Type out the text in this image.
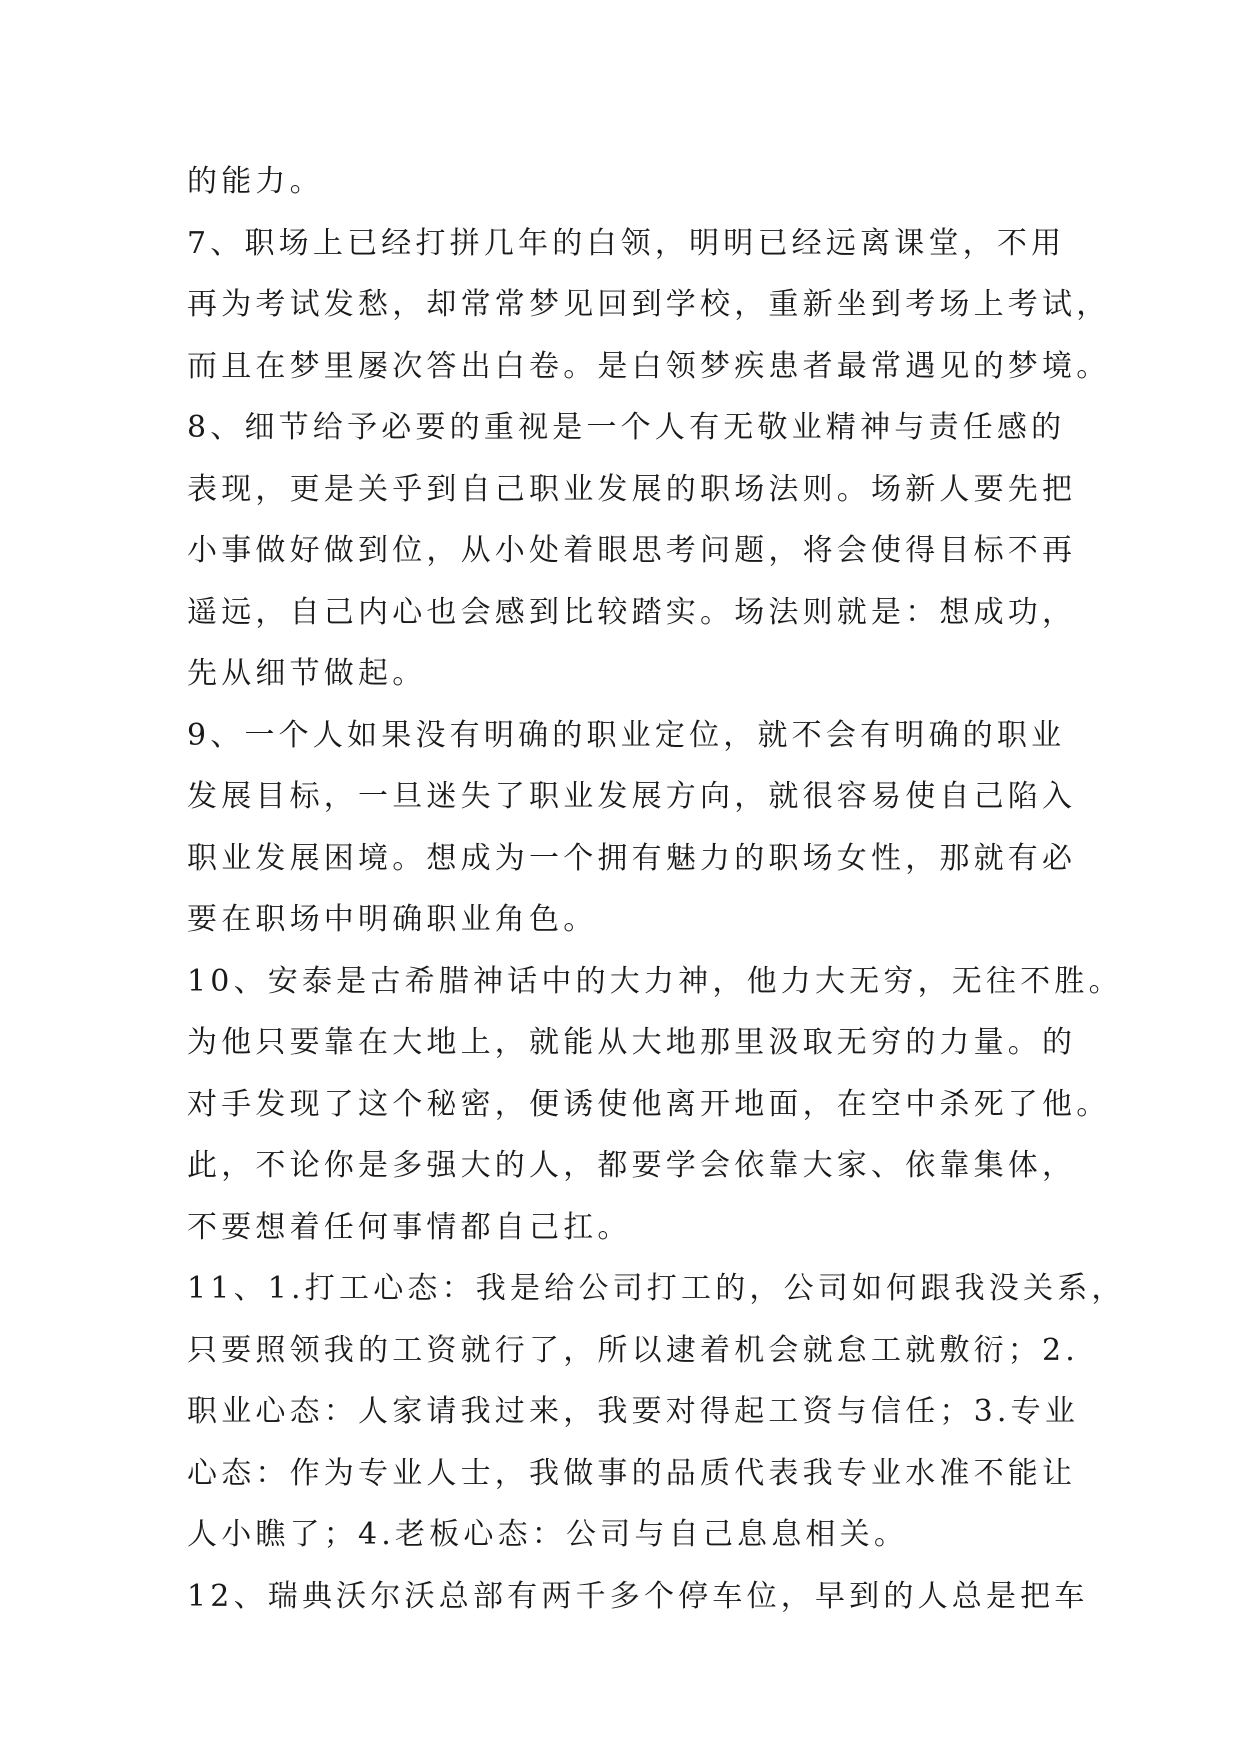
的能力。
7、职场上已经打拼几年的白领，明明已经远离课堂，不用
再为考试发愁，却常常梦见回到学校，重新坐到考场上考试，
而且在梦里屡次答出白卷。是白领梦疾患者最常遇见的梦境。
8、细节给予必要的重视是一个人有无敬业精神与责任感的
表现，更是关乎到自己职业发展的职场法则。场新人要先把
小事做好做到位，从小处着眼思考问题，将会使得目标不再
遥远，自己内心也会感到比较踏实。场法则就是：想成功，
先从细节做起。
9、一个人如果没有明确的职业定位，就不会有明确的职业
发展目标，一旦迷失了职业发展方向，就很容易使自己陷入
职业发展困境。想成为一个拥有魅力的职场女性，那就有必
要在职场中明确职业角色。
10、安泰是古希腊神话中的大力神，他力大无穷，无往不胜。
为他只要靠在大地上，就能从大地那里汲取无穷的力量。的
对手发现了这个秘密，便诱使他离开地面，在空中杀死了他。
此，不论你是多强大的人，都要学会依靠大家、依靠集体，
不要想着任何事情都自己扛。
11、1.打工心态：我是给公司打工的，公司如何跟我没关系，
只要照领我的工资就行了，所以逮着机会就怠工就敷衍；2.
职业心态：人家请我过来，我要对得起工资与信任；3.专业
心态：作为专业人士，我做事的品质代表我专业水准不能让
人小瞧了；4.老板心态：公司与自己息息相关。
12、瑞典沃尔沃总部有两千多个停车位，早到的人总是把车
